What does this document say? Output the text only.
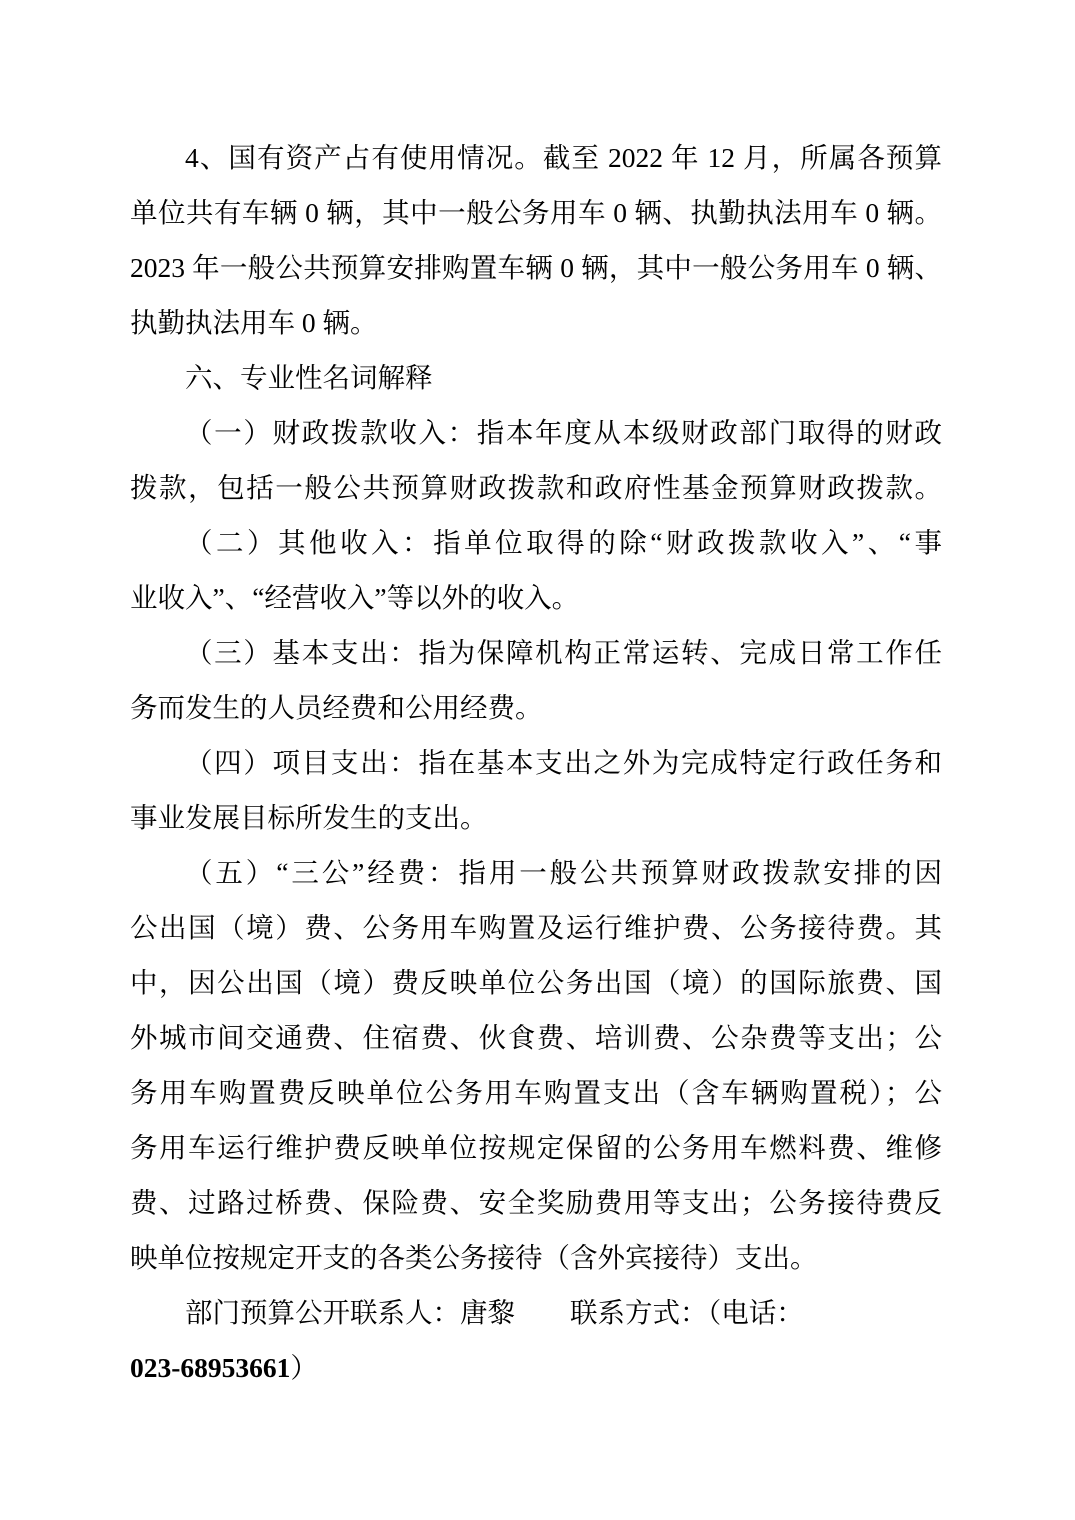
4、国有资产占有使用情况。截至 2022 年 12 月，所属各预算
单位共有车辆 0 辆，其中一般公务用车 0 辆、执勤执法用车 0 辆。
2023 年一般公共预算安排购置车辆 0 辆，其中一般公务用车 0 辆、
执勤执法用车 0 辆。
六、专业性名词解释
（一）财政拨款收入：指本年度从本级财政部门取得的财政
拨款，包括一般公共预算财政拨款和政府性基金预算财政拨款。
（二）其他收入：指单位取得的除“财政拨款收入”、“事
业收入”、“经营收入”等以外的收入。
（三）基本支出：指为保障机构正常运转、完成日常工作任
务而发生的人员经费和公用经费。
（四）项目支出：指在基本支出之外为完成特定行政任务和
事业发展目标所发生的支出。
（五）“三公”经费：指用一般公共预算财政拨款安排的因
公出国（境）费、公务用车购置及运行维护费、公务接待费。其
中，因公出国（境）费反映单位公务出国（境）的国际旅费、国
外城市间交通费、住宿费、伙食费、培训费、公杂费等支出；公
务用车购置费反映单位公务用车购置支出（含车辆购置税）；公
务用车运行维护费反映单位按规定保留的公务用车燃料费、维修
费、过路过桥费、保险费、安全奖励费用等支出；公务接待费反
映单位按规定开支的各类公务接待（含外宾接待）支出。
部门预算公开联系人：唐黎　　联系方式：（电话：
023-68953661）
